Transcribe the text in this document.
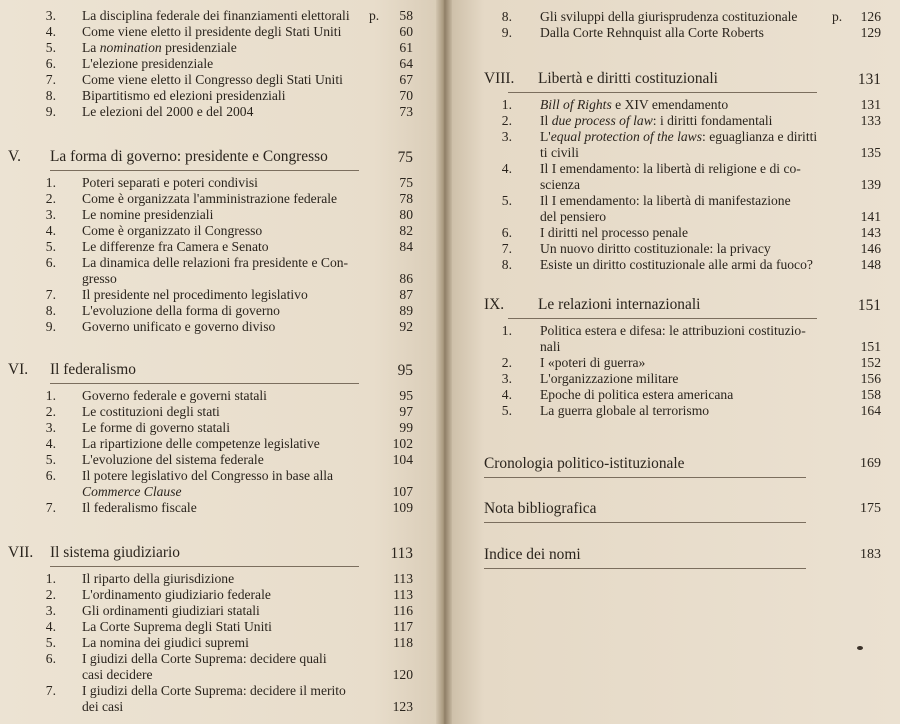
3. La disciplina federale dei finanziamenti elettorali p.	58
4. Come viene eletto il presidente degli Stati Uniti	60
5. La nomination presidenziale	61
6. L'elezione presidenziale	64
7. Come viene eletto il Congresso degli Stati Uniti	67
8. Bipartitismo ed elezioni presidenziali	70
9. Le elezioni del 2000 e del 2004	73
V. La forma di governo: presidente e Congresso	75
1. Poteri separati e poteri condivisi	75
2. Come è organizzata l'amministrazione federale	78
3. Le nomine presidenziali	80
4. Come è organizzato il Congresso	82
5. Le differenze fra Camera e Senato	84
6. La dinamica delle relazioni fra presidente e Con-
gresso	86
7. Il presidente nel procedimento legislativo	87
8. L'evoluzione della forma di governo	89
9. Governo unificato e governo diviso	92
VI. Il federalismo	95
1. Governo federale e governi statali	95
2. Le costituzioni degli stati	97
3. Le forme di governo statali	99
4. La ripartizione delle competenze legislative	102
5. L'evoluzione del sistema federale	104
6. Il potere legislativo del Congresso in base alla
Commerce Clause	107
7. Il federalismo fiscale	109
VII. Il sistema giudiziario	113
1. Il riparto della giurisdizione	113
2. L'ordinamento giudiziario federale	113
3. Gli ordinamenti giudiziari statali	116
4. La Corte Suprema degli Stati Uniti	117
5. La nomina dei giudici supremi	118
6. I giudizi della Corte Suprema: decidere quali
casi decidere	120
7. I giudizi della Corte Suprema: decidere il merito
dei casi	123
8. Gli sviluppi della giurisprudenza costituzionale	p.	126
9. Dalla Corte Rehnquist alla Corte Roberts	129
VIII. Libertà e diritti costituzionali	131
1. Bill of Rights e XIV emendamento	131
2. Il due process of law: i diritti fondamentali	133
3. L'equal protection of the laws: eguaglianza e diritti
ti civili	135
4. Il I emendamento: la libertà di religione e di co-
scienza	139
5. Il I emendamento: la libertà di manifestazione
del pensiero	141
6. I diritti nel processo penale	143
7. Un nuovo diritto costituzionale: la privacy	146
8. Esiste un diritto costituzionale alle armi da fuoco?	148
IX. Le relazioni internazionali	151
1. Politica estera e difesa: le attribuzioni costituzio-
nali	151
2. I «poteri di guerra»	152
3. L'organizzazione militare	156
4. Epoche di politica estera americana	158
5. La guerra globale al terrorismo	164
Cronologia politico-istituzionale	169
Nota bibliografica	175
Indice dei nomi	183
